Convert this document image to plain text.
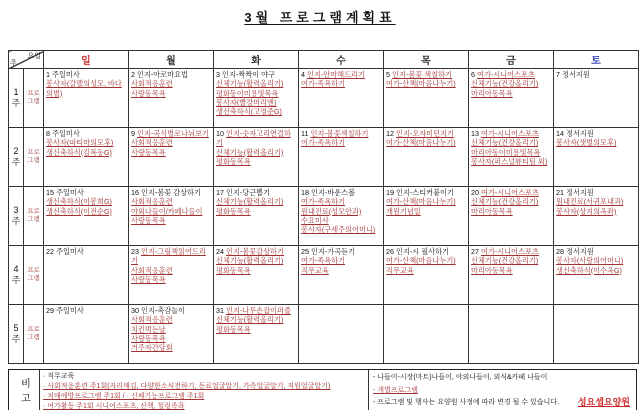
3월 프로그램계획표
요일
주		일	월	화	수	목	금	토

1
주
	프로그램	
1 주일미사
봉사자(갈멜의성모, 바다의별)

2 인지-아로마요법
사회적응훈련
사랑동목욕

3 인지-짝짝이 야구
신체기능(활력올리기)
평화동이미용및목욕
봉사자(빨강머리앤)
생신축하식(고영준G)

4 인지-안마해드리기
여가-족욕하기

5 인지-봄꽃 색칠하기
여가-산책(마음나누기)

6 여가-시니어스포츠
신체기능(건강올리기)
마리아동목욕

7 정서지원

2
주
	프로그램	
8 주일미사
봉사자(파티마의모후)
생신축하식(김복동G)

9 인지-곡식별로나눠보기
사회적응훈련
사랑동목욕

10 인지-숫자고리연결하기
신체기능(활력올리기)
평화동목욕

11 인지-봄꽃색칠하기
여가-족욕하기

12 인지-오자미던지기
여가-산책(마음나누기)

13 여가-시니어스포츠
신체기능(건강올리기)
마리아동이미용및목욕
봉사자(퍼스널뷰티팀 외)

14 정서지원
봉사자(샛별의모후)

3
주
	프로그램	
15 주일미사
생신축하식(이봉희G)
생신축하식(이전순G)

16 인지-봄꽃 감상하기
사회적응훈련
야외나들이/카페나들이
사랑동목욕

17 인지-당근뽑기
신체기능(활력올리기)
평화동목욕

18 인지-바운스볼
여가-족욕하기
원내진료(성모안과)
수요미사
봉사자(구세주의어머니)

19 인지-스티커붙이기
여가-산책(마음나누기)
개원기념일

20 여가-시니어스포츠
신체기능(건강올리기)
마리아동목욕

21 정서지원
원내진료(서귀포내과)
봉사자(상지의옥좌)

4
주
	프로그램	
22 주일미사	23 인지-그림책읽어드리기
사회적응훈련
사랑동목욕

24 인지-봄꽃감상하기
신체기능(활력올리기)
평화동목욕

25 인지-가곡듣기
여가-족욕하기
직무교육

26 인지-시 필사하기
여가-산책(마음나누기)
직무교육

27 여가-시니어스포츠
신체기능(건강올리기)
마리아동목욕

28 정서지원
봉사자(사랑의어머니)
생신축하식(이수옥G)

5
주
	프로그램	
29 주일미사	30 인지-촉감놀이
사회적응훈련
치킨먹는날
사랑동목욕
거주자간담회

31 인지-나무손잡이퍼즐
신체기능(활력올리기)
평화동목욕

비고
· 직무교육
· 사회적응훈련 주1회(자리매김, 다양한소식전하기, 동료얼굴알기, 가족얼굴알기, 직원얼굴알기)
· 치매예방프로그램 주1회 / · 신체기능프로그램 주1회
· 여가활동 주1회 시니어스포츠, 산책, 힐링족욕
- 나들이-시장(마트)나들이, 야외나들이, 외식&카페 나들이
- 개별프로그램
- 프로그램 및 행사는 요양원 사정에 따라 변경 될 수 있습니다.	성요셉요양원
